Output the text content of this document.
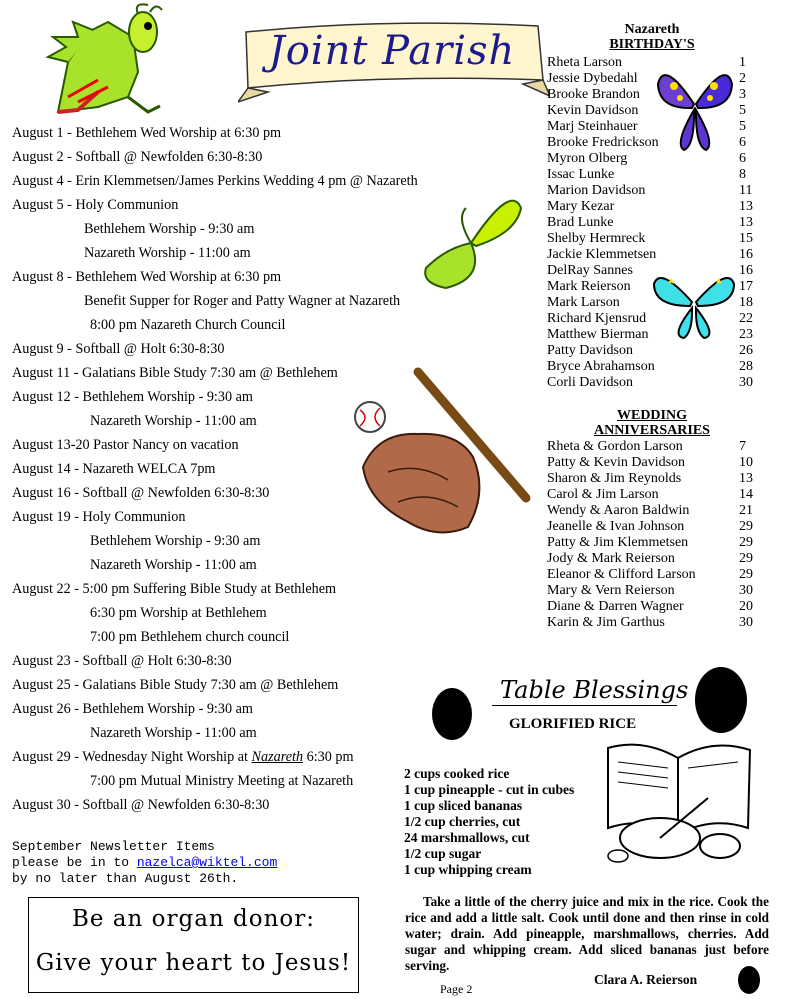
Joint Parish
August 1 - Bethlehem Wed Worship at 6:30 pm
August 2 - Softball @ Newfolden 6:30-8:30
August 4 - Erin Klemmetsen/James Perkins Wedding 4 pm @ Nazareth
August 5 - Holy Communion
Bethlehem Worship - 9:30 am
Nazareth Worship - 11:00 am
August 8 - Bethlehem Wed Worship at 6:30 pm
Benefit Supper for Roger and Patty Wagner at Nazareth
8:00 pm Nazareth Church Council
August 9 - Softball @ Holt 6:30-8:30
August 11 - Galatians Bible Study 7:30 am @ Bethlehem
August 12 - Bethlehem Worship - 9:30 am
Nazareth Worship - 11:00 am
August 13-20 Pastor Nancy on vacation
August 14 - Nazareth WELCA 7pm
August 16 - Softball @ Newfolden 6:30-8:30
August 19 - Holy Communion
Bethlehem Worship - 9:30 am
Nazareth Worship - 11:00 am
August 22 - 5:00 pm Suffering Bible Study at Bethlehem
6:30 pm Worship at Bethlehem
7:00 pm Bethlehem church council
August 23 - Softball @ Holt 6:30-8:30
August 25 - Galatians Bible Study 7:30 am @ Bethlehem
August 26 - Bethlehem Worship - 9:30 am
Nazareth Worship - 11:00 am
August 29 - Wednesday Night Worship at Nazareth 6:30 pm
7:00 pm Mutual Ministry Meeting at Nazareth
August 30 - Softball @ Newfolden 6:30-8:30
September Newsletter Items
please be in to nazelca@wiktel.com
by no later than August 26th.
Be an organ donor:
Give your heart to Jesus!
Nazareth
BIRTHDAY'S
Rheta Larson	1
Jessie Dybedahl	2
Brooke Brandon	3
Kevin Davidson	5
Marj Steinhauer	5
Brooke Fredrickson	6
Myron Olberg	6
Issac Lunke	8
Marion Davidson	11
Mary Kezar	13
Brad Lunke	13
Shelby Hermreck	15
Jackie Klemmetsen	16
DelRay Sannes	16
Mark Reierson	17
Mark Larson	18
Richard Kjensrud	22
Matthew Bierman	23
Patty Davidson	26
Bryce Abrahamson	28
Corli Davidson	30
WEDDING
ANNIVERSARIES
Rheta & Gordon Larson	7
Patty & Kevin Davidson	10
Sharon & Jim Reynolds	13
Carol & Jim Larson	14
Wendy & Aaron Baldwin	21
Jeanelle & Ivan Johnson	29
Patty & Jim Klemmetsen	29
Jody & Mark Reierson	29
Eleanor & Clifford Larson	29
Mary & Vern Reierson	30
Diane & Darren Wagner	20
Karin & Jim Garthus	30
Table Blessings
GLORIFIED RICE
2 cups cooked rice
1 cup pineapple - cut in cubes
1 cup sliced bananas
1/2 cup cherries, cut
24 marshmallows, cut
1/2 cup sugar
1 cup whipping cream
Take a little of the cherry juice and mix in the rice. Cook the rice and add a little salt. Cook until done and then rinse in cold water; drain. Add pineapple, marshmallows, cherries. Add sugar and whipping cream. Add sliced bananas just before serving.
Clara A. Reierson
Page 2
